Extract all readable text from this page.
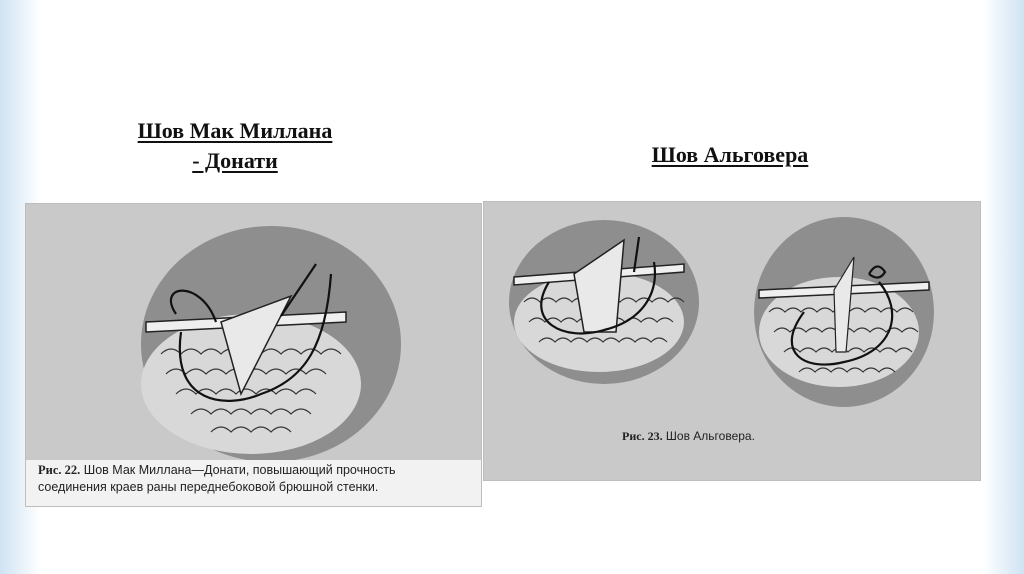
Шов Мак Миллана
- Донати	Шов Альговера
Рис. 22. Шов Мак Миллана—Донати, повышающий прочность
соединения краев раны переднебоковой брюшной стенки.
Рис. 23. Шов Альговера.
